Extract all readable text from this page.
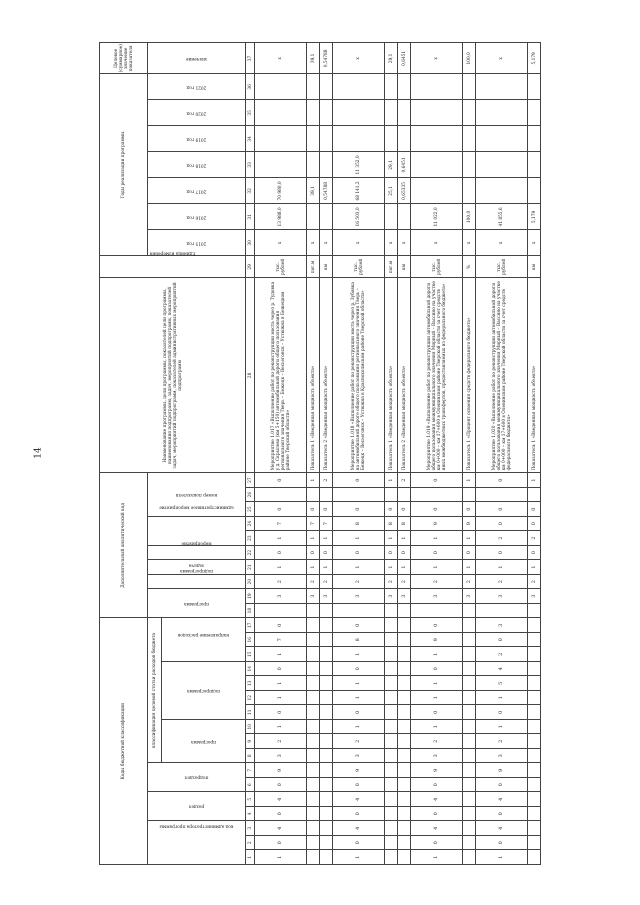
14
Коды бюджетной классификации																	Дополнительный аналитический код										Наименование программы, цели программы, показателей цели программы, наименования подпрограмм, задач, мероприятий подпрограмм, показателей задач, мероприятий подпрограмм, показателей административных мероприятий подпрограмм	Единица измерения	Годы реализации программы							Целевое (суммарное) значение показателя
код администратора программы			раздел		подраздел		классификация целевой статьи расходов бюджета										программа		подпрограмма	задача	мероприятие	административное мероприятие		номер показателя					2015 год	2016 год	2017 год	2018 год	2019 год	2020 год	2021 год	значение
							программа			подпрограмма				направление расходов																						
1	2	3	4	5	6	7	8	9	10	11	12	13	14	15	16	17	18	19	20	21	22	23	24	25	26	27	28	29	30	31	32	33	34	35	36	37
1	0	4	0	4	0	9	3	2	1	0	1	1	0	1	7	0		3	2	1	0	1	7	0		0	Мероприятие 1.017 «Выполнение работ по реконструкции моста через р. Тудовка у д. Скрылево (км 5+150) автомобильной дороги общего пользования регионального значения Тверь – Бежецк – Весьегонск – Устюжна в Бежецком районе Тверской области»	тыс. рублей	x	13 988,0	70 980,0					x
																		3	2	1	0	1	7	0		1	Показатель 1 «Введенная мощность объекта»	пог.м	x		39,1					39,1
																		3	2	1	0	1	7	0		2	Показатель 2 «Введенная мощность объекта»	км	x		0,54788					0,54788
1	0	4	0	4	0	9	3	2	1	0	1	1	0	1	8	0		3	2	1	0	1	8	0		0	Мероприятие 1.018 «Выполнение работ по реконструкции моста через р. Зубовка на автомобильной дороге общего пользования регионального значения Тверь – Бежецк – Весьегонск – Устюжна в Краснохолмском районе Тверской области»	тыс. рублей	x	16 503,0	68 141,2	11 352,0				x
																		3	2	1	0	1	8	0		1	Показатель 1 «Введенная мощность объекта»	пог.м	x		25,1	29,1				29,1
																		3	2	1	0	1	8	0		2	Показатель 2 «Введенная мощность объекта»	км	x		0,65335	0,6451				0,6451
1	0	4	0	4	0	9	3	2	1	0	1	1	0	1	9	0		3	2	1	0	1	9	0		0	Мероприятие 1.019 «Выполнение работ по реконструкции автомобильной дороги общего пользования межмуниципального значения Мирный – Вассино на участке км 0+000 – км 17+600 в Оленинском районе Тверской области за счет средств иных межбюджетных трансфертов, предоставляемых из федерального бюджета»	тыс. рублей	x	11 022,0						x
																		3	2	1	0	1	9	0		1	Показатель 1 «Процент освоения средств федерального бюджета»	%	x	100,0						100,0
1	0	4	0	4	0	9	3	2	1	0	1	5	4	2	0	3		3	2	1	0	2	0	0		0	Мероприятие 1.020 «Выполнение работ по реконструкции автомобильной дороги общего пользования межмуниципального значения Мирный – Вассино на участке км 0+000 – км 17+600 в Оленинском районе Тверской области за счет средств федерального бюджета»	тыс. рублей	x	41 855,6						x
																		3	2	1	0	2	0	0		1	Показатель 1 «Введенная мощность объекта»	км	x	5,179						5,179
